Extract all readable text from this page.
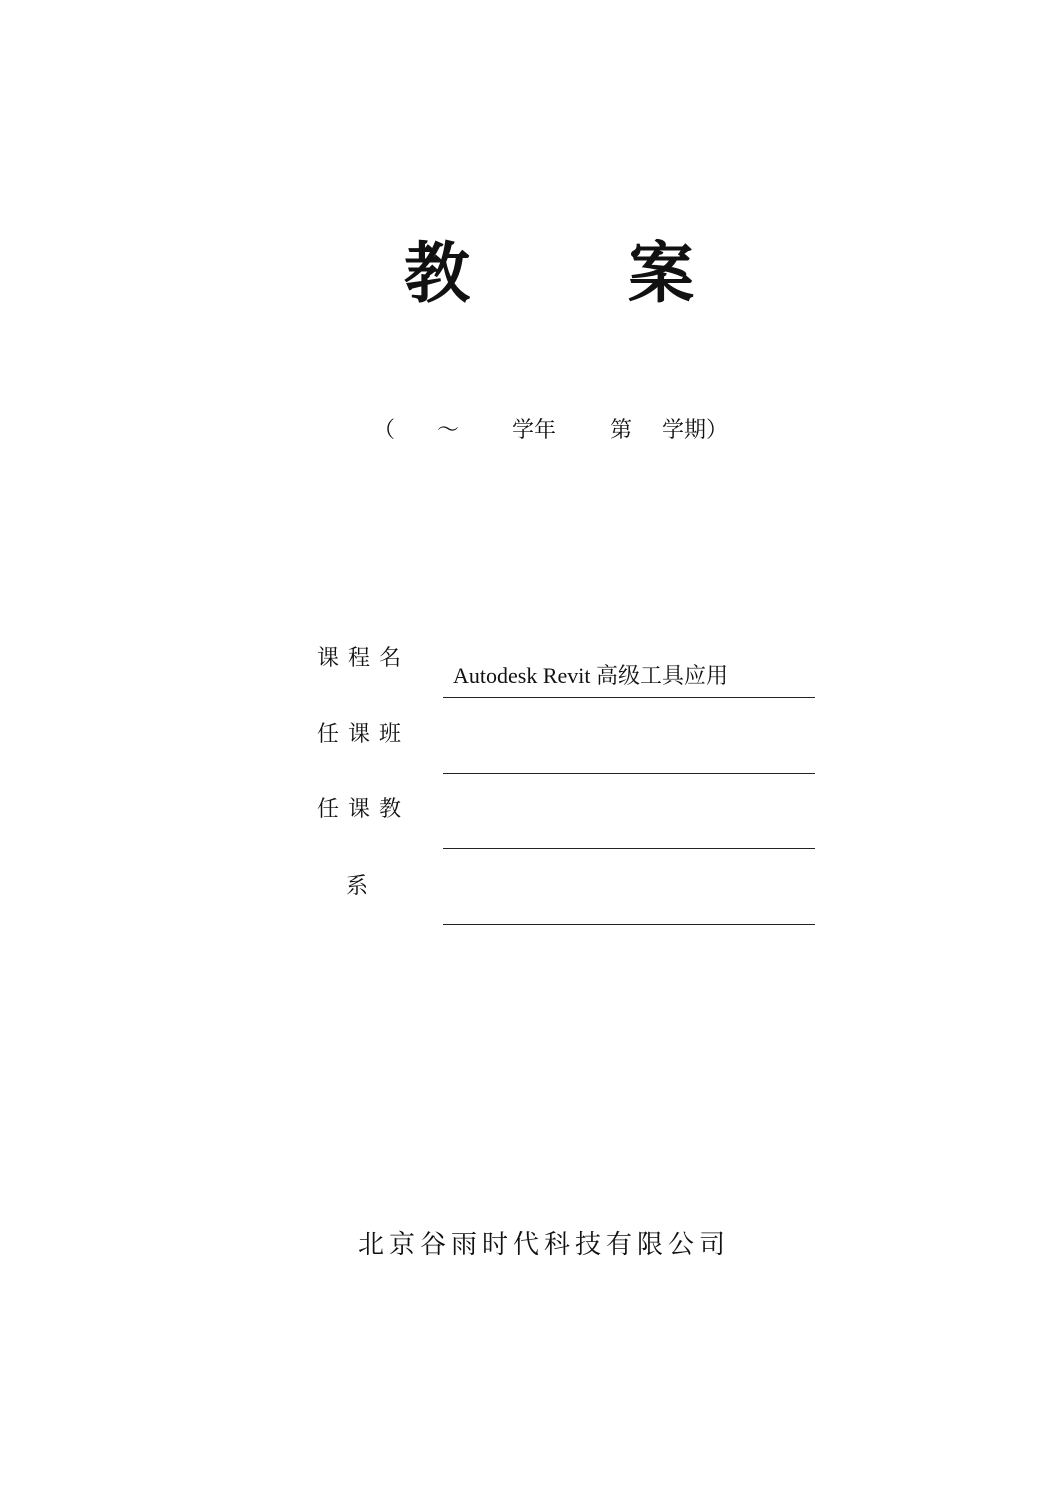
教 案
（ ～ 学年 第 学期）
课程名
Autodesk Revit 高级工具应用
任课班
任课教
系
北京谷雨时代科技有限公司
